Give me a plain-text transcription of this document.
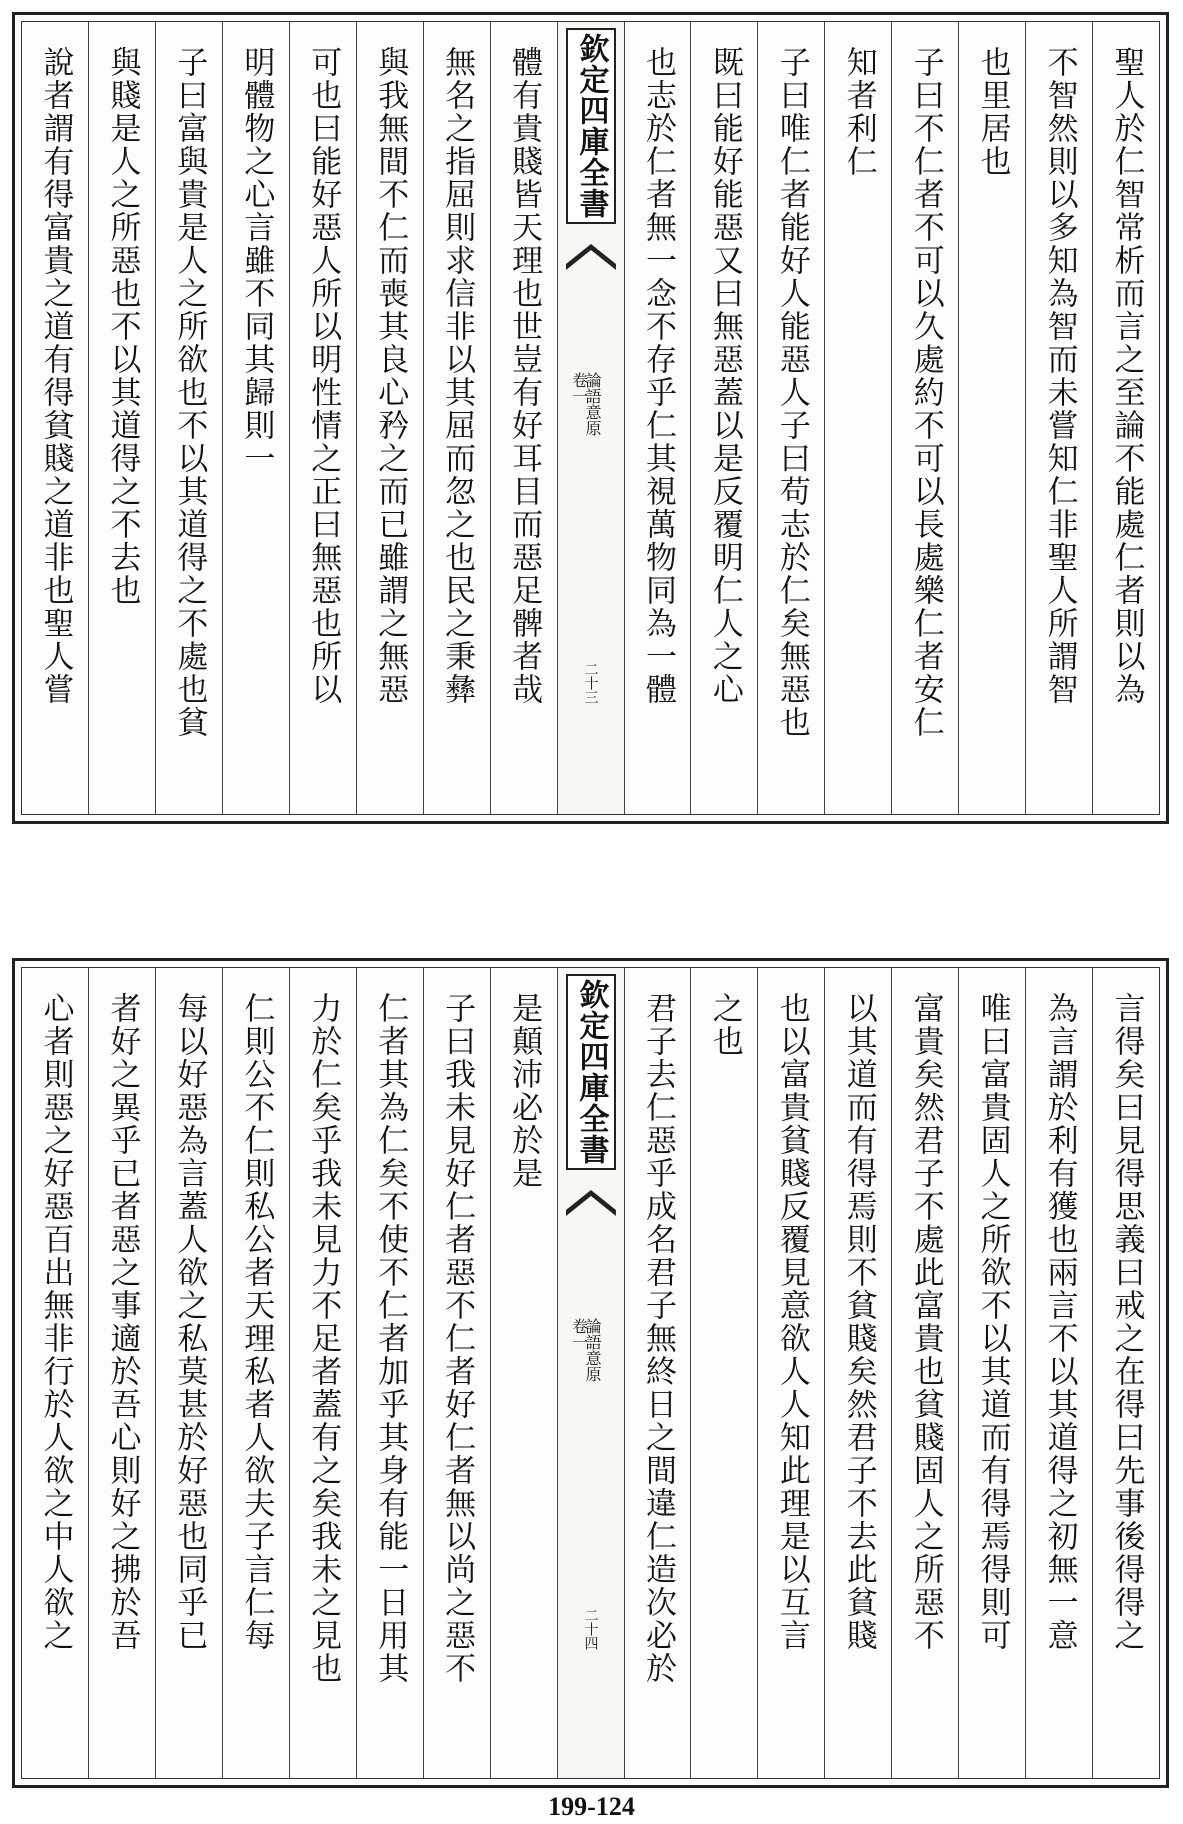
聖人於仁智常析而言之至論不能處仁者則以為
不智然則以多知為智而未嘗知仁非聖人所謂智
也里居也
子曰不仁者不可以久處約不可以長處樂仁者安仁
知者利仁
子曰唯仁者能好人能惡人子曰苟志於仁矣無惡也
既曰能好能惡又曰無惡蓋以是反覆明仁人之心
也志於仁者無一念不存乎仁其視萬物同為一體
欽定四庫全書
論語意原
卷一
二十三
體有貴賤皆天理也世豈有好耳目而惡足髀者哉
無名之指屈則求信非以其屈而忽之也民之秉彝
與我無間不仁而喪其良心矜之而已雖謂之無惡
可也曰能好惡人所以明性情之正曰無惡也所以
明體物之心言雖不同其歸則一
子曰富與貴是人之所欲也不以其道得之不處也貧
與賤是人之所惡也不以其道得之不去也
說者謂有得富貴之道有得貧賤之道非也聖人嘗
言得矣曰見得思義曰戒之在得曰先事後得得之
為言謂於利有獲也兩言不以其道得之初無一意
唯曰富貴固人之所欲不以其道而有得焉得則可
富貴矣然君子不處此富貴也貧賤固人之所惡不
以其道而有得焉則不貧賤矣然君子不去此貧賤
也以富貴貧賤反覆見意欲人人知此理是以互言
之也
君子去仁惡乎成名君子無終日之間違仁造次必於
欽定四庫全書
論語意原
卷一
二十四
是顛沛必於是
子曰我未見好仁者惡不仁者好仁者無以尚之惡不
仁者其為仁矣不使不仁者加乎其身有能一日用其
力於仁矣乎我未見力不足者蓋有之矣我未之見也
仁則公不仁則私公者天理私者人欲夫子言仁每
每以好惡為言蓋人欲之私莫甚於好惡也同乎已
者好之異乎已者惡之事適於吾心則好之拂於吾
心者則惡之好惡百出無非行於人欲之中人欲之
199-124
